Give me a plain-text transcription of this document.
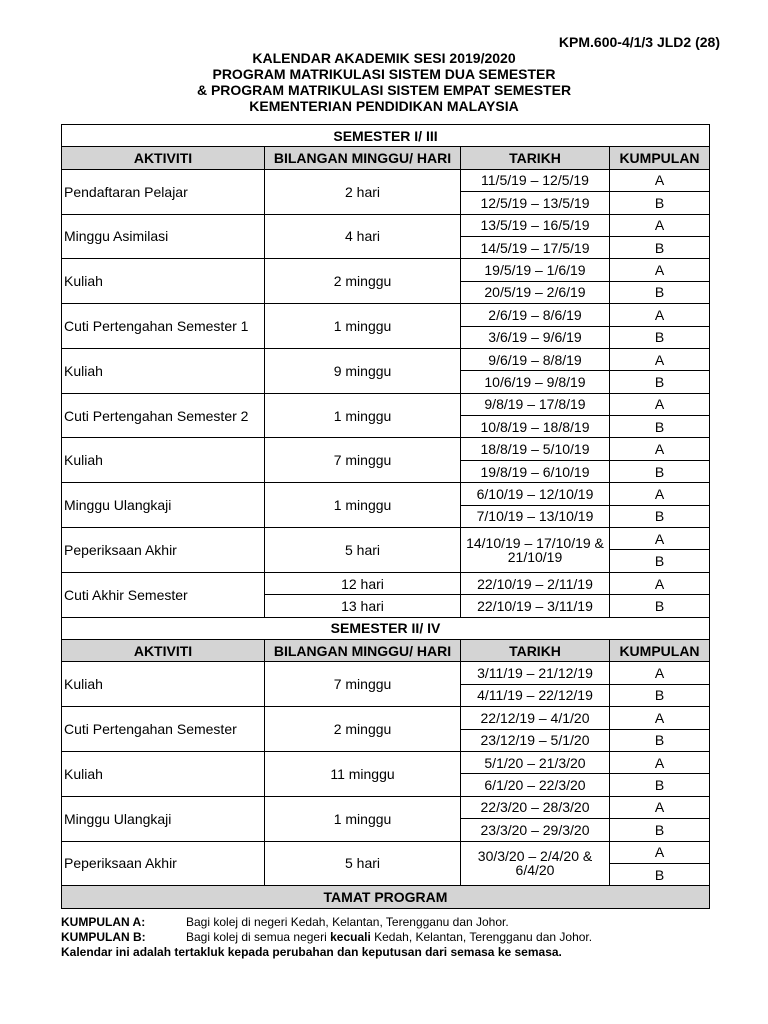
KPM.600-4/1/3 JLD2 (28)
KALENDAR AKADEMIK SESI 2019/2020
PROGRAM MATRIKULASI SISTEM DUA SEMESTER
& PROGRAM MATRIKULASI SISTEM EMPAT SEMESTER
KEMENTERIAN PENDIDIKAN MALAYSIA
SEMESTER I/ III			
AKTIVITI	BILANGAN MINGGU/ HARI	TARIKH	KUMPULAN
Pendaftaran Pelajar	2 hari	11/5/19 – 12/5/19	A
		12/5/19 – 13/5/19	B
Minggu Asimilasi	4 hari	13/5/19 – 16/5/19	A
		14/5/19 – 17/5/19	B
Kuliah	2 minggu	19/5/19 – 1/6/19	A
		20/5/19 – 2/6/19	B
Cuti Pertengahan Semester 1	1 minggu	2/6/19 – 8/6/19	A
		3/6/19 – 9/6/19	B
Kuliah	9 minggu	9/6/19 – 8/8/19	A
		10/6/19 – 9/8/19	B
Cuti Pertengahan Semester 2	1 minggu	9/8/19 – 17/8/19	A
		10/8/19 – 18/8/19	B
Kuliah	7 minggu	18/8/19 – 5/10/19	A
		19/8/19 – 6/10/19	B
Minggu Ulangkaji	1 minggu	6/10/19 – 12/10/19	A
		7/10/19 – 13/10/19	B
Peperiksaan Akhir	5 hari	14/10/19 – 17/10/19 & 21/10/19	A
			B
Cuti Akhir Semester	12 hari	22/10/19 – 2/11/19	A
	13 hari	22/10/19 – 3/11/19	B
SEMESTER II/ IV			
AKTIVITI	BILANGAN MINGGU/ HARI	TARIKH	KUMPULAN
Kuliah	7 minggu	3/11/19 – 21/12/19	A
		4/11/19 – 22/12/19	B
Cuti Pertengahan Semester	2 minggu	22/12/19 – 4/1/20	A
		23/12/19 – 5/1/20	B
Kuliah	11 minggu	5/1/20 – 21/3/20	A
		6/1/20 – 22/3/20	B
Minggu Ulangkaji	1 minggu	22/3/20 – 28/3/20	A
		23/3/20 – 29/3/20	B
Peperiksaan Akhir	5 hari	30/3/20 – 2/4/20 & 6/4/20	A
			B
TAMAT PROGRAM			
KUMPULAN A:	Bagi kolej di negeri Kedah, Kelantan, Terengganu dan Johor.
KUMPULAN B:	Bagi kolej di semua negeri kecuali Kedah, Kelantan, Terengganu dan Johor.
Kalendar ini adalah tertakluk kepada perubahan dan keputusan dari semasa ke semasa.
